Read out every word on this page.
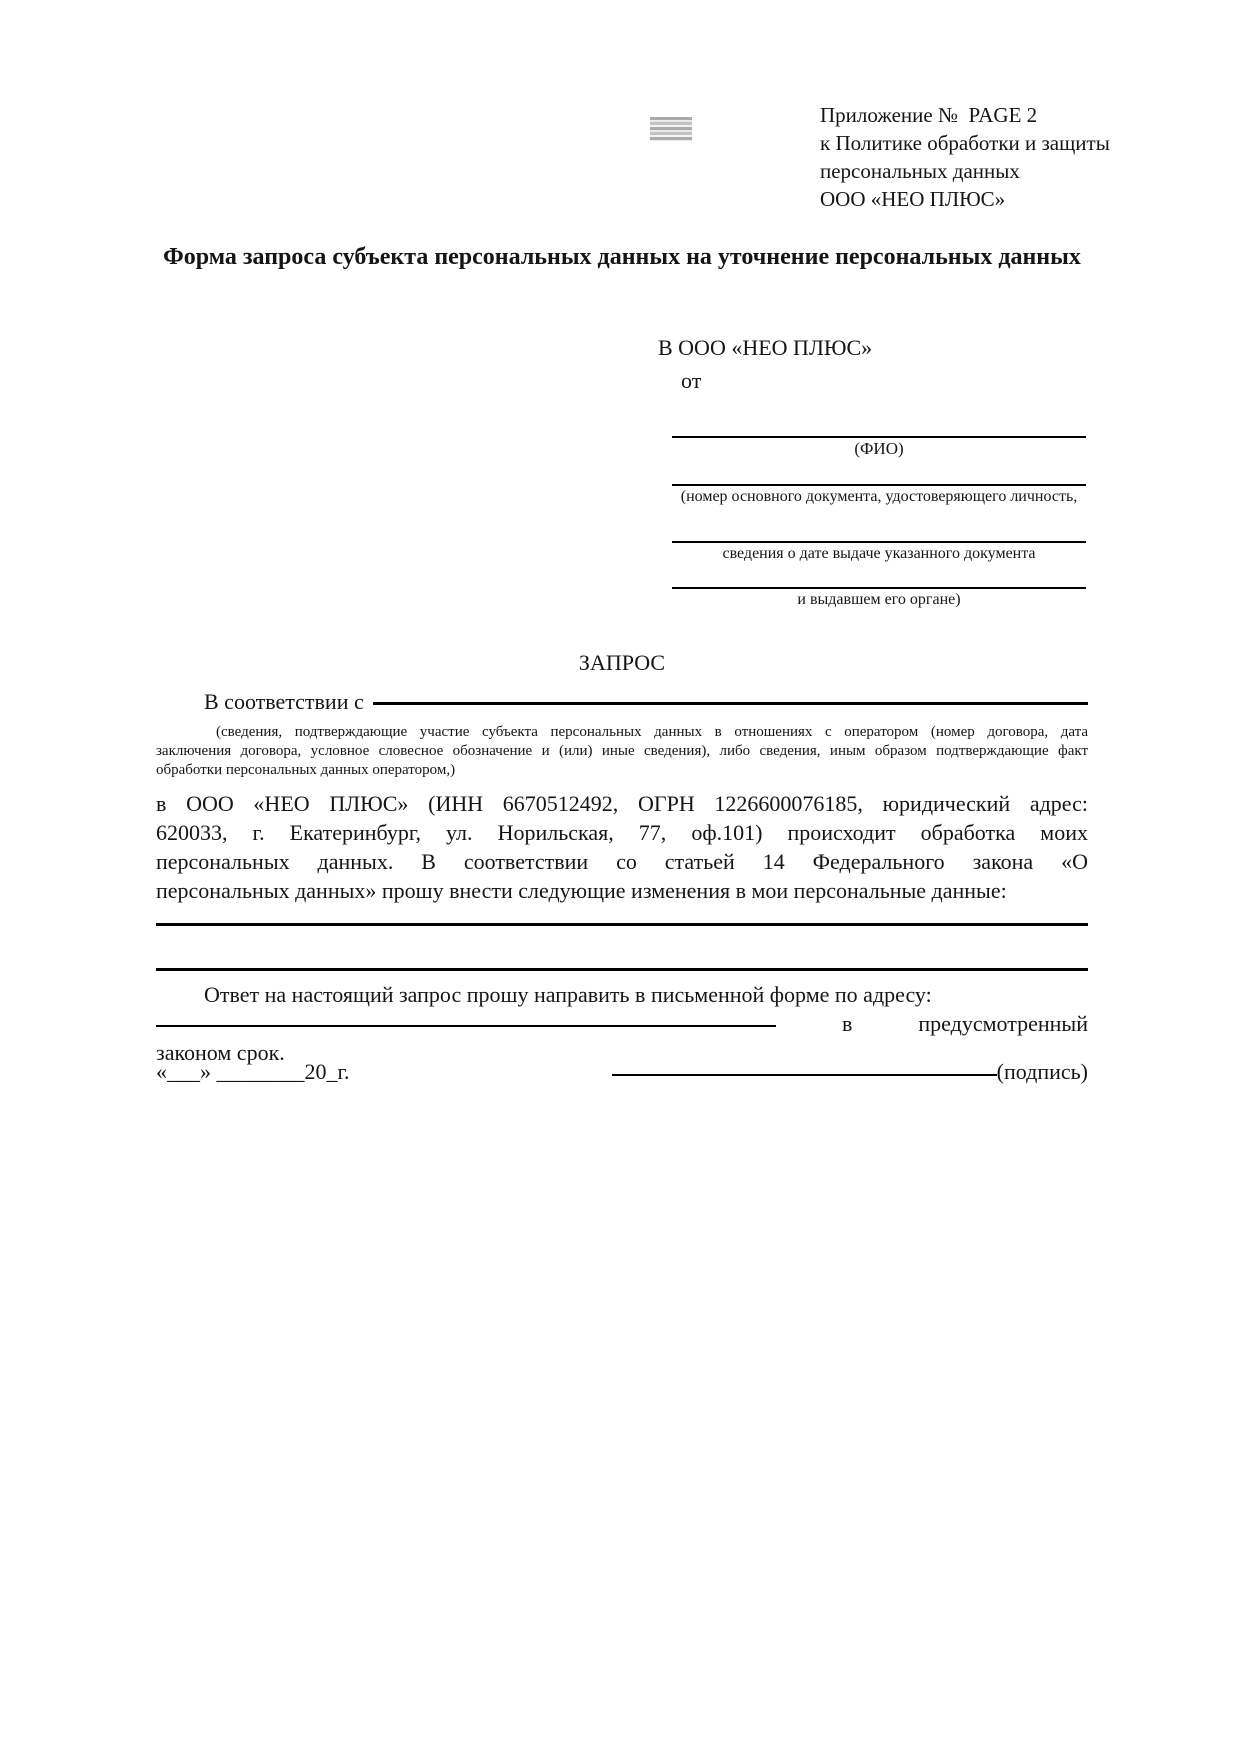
Приложение №  PAGE 2
к Политике обработки и защиты
персональных данных
ООО «НЕО ПЛЮС»
Форма запроса субъекта персональных данных на уточнение персональных данных
В ООО «НЕО ПЛЮС»
от
(ФИО)
(номер основного документа, удостоверяющего личность,
сведения о дате выдаче указанного документа
и выдавшем его органе)
ЗАПРОС
В соответствии с
(сведения, подтверждающие участие субъекта персональных данных в отношениях с оператором (номер договора, дата
заключения договора, условное словесное обозначение и (или) иные сведения), либо сведения, иным образом подтверждающие факт
обработки персональных данных оператором,)
в ООО «НЕО ПЛЮС» (ИНН 6670512492, ОГРН 1226600076185, юридический адрес:
620033, г. Екатеринбург, ул. Норильская, 77, оф.101) происходит обработка моих
персональных данных. В соответствии со статьей 14 Федерального закона «О
персональных данных» прошу внести следующие изменения в мои персональные данные:
Ответ на настоящий запрос прошу направить в письменной форме по адресу:
в	предусмотренный
законом срок.
«___» ________20_г.	(подпись)
